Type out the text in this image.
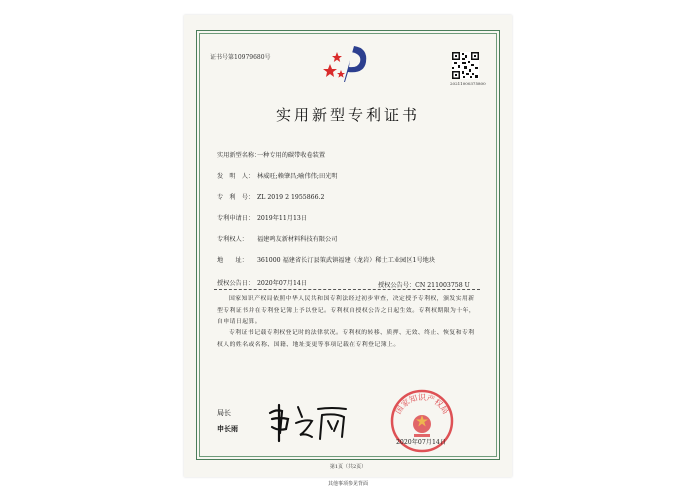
证书号第10979680号
20211000375800
实用新型专利证书
实用新型名称：一种专用的碳带收卷装置
发　明　人： 林威旺;赖肇昌;喻伟伟;田光明
专　利　号： ZL 2019 2 1955866.2
专利申请日： 2019年11月13日
专利权人： 福建鸣友新材料科技有限公司
地　　址： 361000 福建省长汀县策武镇福建（龙岩）稀土工业园区1号地块
授权公告日： 2020年07月14日	授权公告号：CN 211003758 U
国家知识产权局依照中华人民共和国专利法经过初步审查，决定授予专利权，颁发实用新型专利证书并在专利登记簿上予以登记。专利权自授权公告之日起生效。专利权期限为十年，自申请日起算。
专利证书记载专利权登记时的法律状况。专利权的转移、质押、无效、终止、恢复和专利权人的姓名或名称、国籍、地址变更等事项记载在专利登记簿上。
局长
申长雨
国家知识产权局
2020年07月14日
第1页（共2页）
其他事项参见背面
